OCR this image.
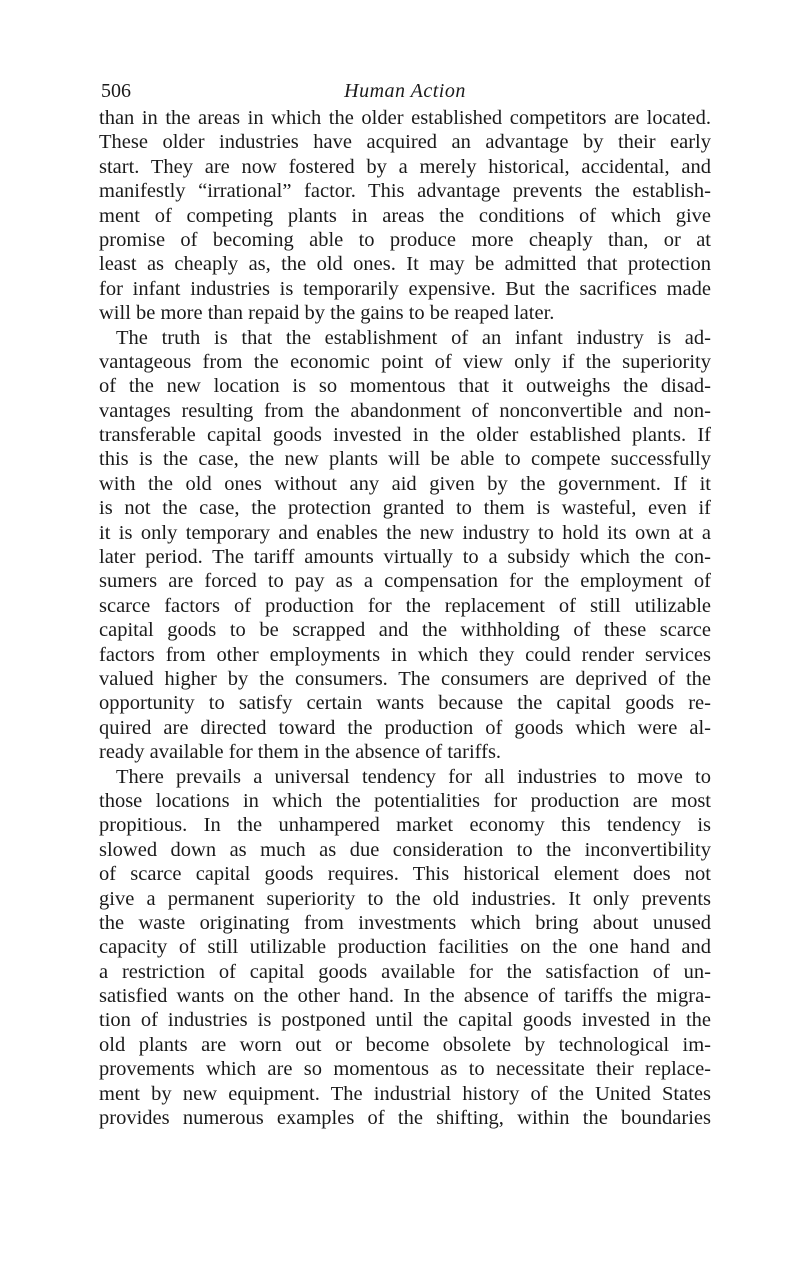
506	Human Action
than in the areas in which the older established competitors are located.
These older industries have acquired an advantage by their early
start. They are now fostered by a merely historical, accidental, and
manifestly “irrational” factor. This advantage prevents the establish-
ment of competing plants in areas the conditions of which give
promise of becoming able to produce more cheaply than, or at
least as cheaply as, the old ones. It may be admitted that protection
for infant industries is temporarily expensive. But the sacrifices made
will be more than repaid by the gains to be reaped later.
The truth is that the establishment of an infant industry is ad-
vantageous from the economic point of view only if the superiority
of the new location is so momentous that it outweighs the disad-
vantages resulting from the abandonment of nonconvertible and non-
transferable capital goods invested in the older established plants. If
this is the case, the new plants will be able to compete successfully
with the old ones without any aid given by the government. If it
is not the case, the protection granted to them is wasteful, even if
it is only temporary and enables the new industry to hold its own at a
later period. The tariff amounts virtually to a subsidy which the con-
sumers are forced to pay as a compensation for the employment of
scarce factors of production for the replacement of still utilizable
capital goods to be scrapped and the withholding of these scarce
factors from other employments in which they could render services
valued higher by the consumers. The consumers are deprived of the
opportunity to satisfy certain wants because the capital goods re-
quired are directed toward the production of goods which were al-
ready available for them in the absence of tariffs.
There prevails a universal tendency for all industries to move to
those locations in which the potentialities for production are most
propitious. In the unhampered market economy this tendency is
slowed down as much as due consideration to the inconvertibility
of scarce capital goods requires. This historical element does not
give a permanent superiority to the old industries. It only prevents
the waste originating from investments which bring about unused
capacity of still utilizable production facilities on the one hand and
a restriction of capital goods available for the satisfaction of un-
satisfied wants on the other hand. In the absence of tariffs the migra-
tion of industries is postponed until the capital goods invested in the
old plants are worn out or become obsolete by technological im-
provements which are so momentous as to necessitate their replace-
ment by new equipment. The industrial history of the United States
provides numerous examples of the shifting, within the boundaries
